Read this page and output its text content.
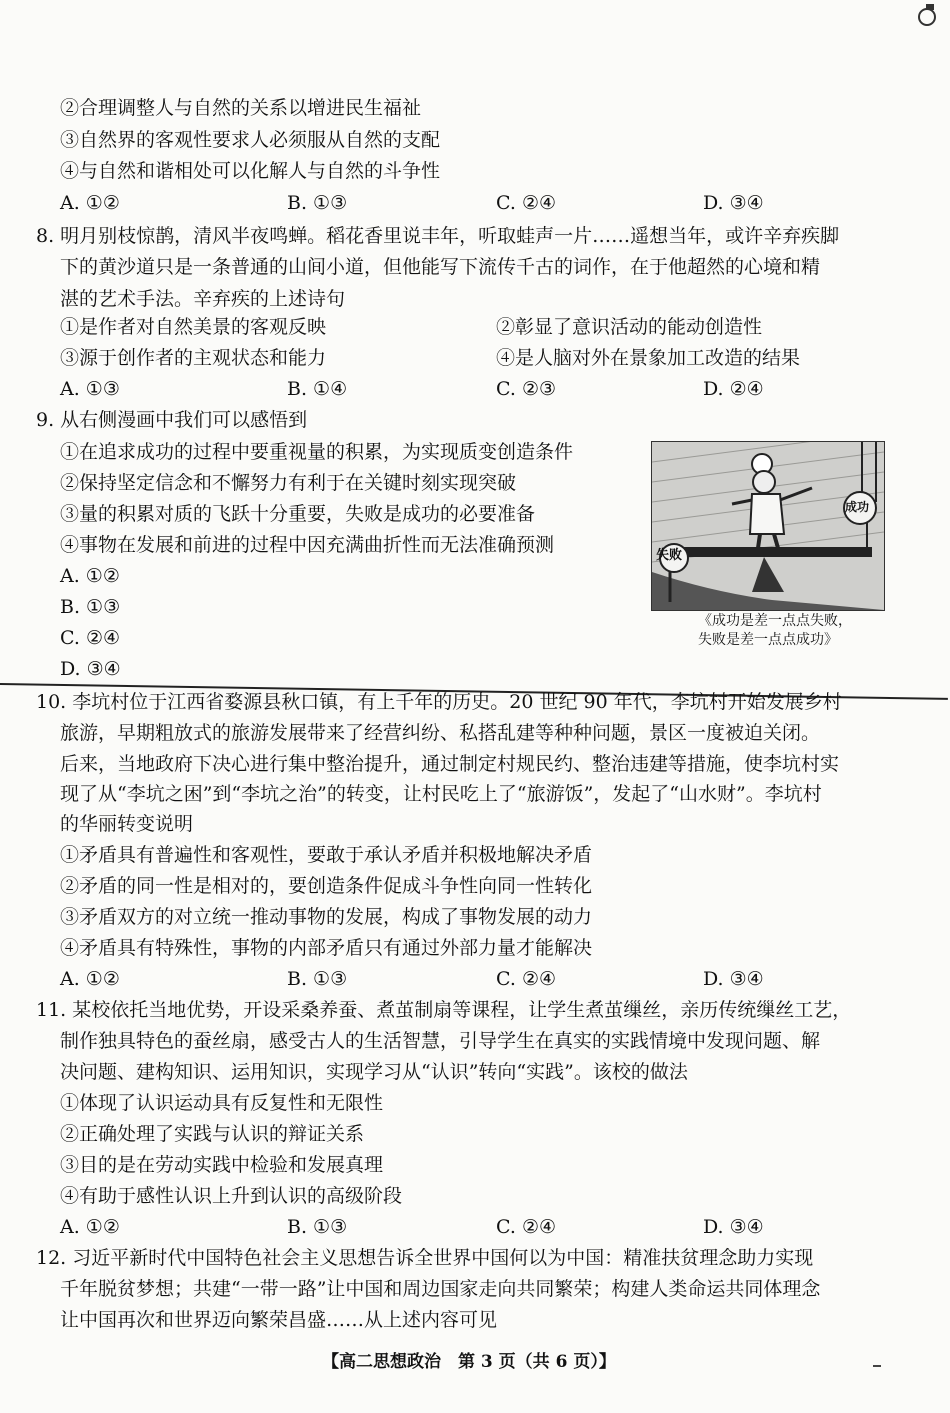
②合理调整人与自然的关系以增进民生福祉
③自然界的客观性要求人必须服从自然的支配
④与自然和谐相处可以化解人与自然的斗争性
A. ①②	B. ①③	C. ②④	D. ③④
8. 明月别枝惊鹊，清风半夜鸣蝉。稻花香里说丰年，听取蛙声一片……遥想当年，或许辛弃疾脚
下的黄沙道只是一条普通的山间小道，但他能写下流传千古的词作，在于他超然的心境和精
湛的艺术手法。辛弃疾的上述诗句
①是作者对自然美景的客观反映	②彰显了意识活动的能动创造性
③源于创作者的主观状态和能力	④是人脑对外在景象加工改造的结果
A. ①③	B. ①④	C. ②③	D. ②④
9. 从右侧漫画中我们可以感悟到
①在追求成功的过程中要重视量的积累，为实现质变创造条件
②保持坚定信念和不懈努力有利于在关键时刻实现突破
③量的积累对质的飞跃十分重要，失败是成功的必要准备
④事物在发展和前进的过程中因充满曲折性而无法准确预测
A. ①②
B. ①③
C. ②④
D. ③④
失败
成功
《成功是差一点点失败，
失败是差一点点成功》
10. 李坑村位于江西省婺源县秋口镇，有上千年的历史。20 世纪 90 年代，李坑村开始发展乡村
旅游，早期粗放式的旅游发展带来了经营纠纷、私搭乱建等种种问题，景区一度被迫关闭。
后来，当地政府下决心进行集中整治提升，通过制定村规民约、整治违建等措施，使李坑村实
现了从“李坑之困”到“李坑之治”的转变，让村民吃上了“旅游饭”，发起了“山水财”。李坑村
的华丽转变说明
①矛盾具有普遍性和客观性，要敢于承认矛盾并积极地解决矛盾
②矛盾的同一性是相对的，要创造条件促成斗争性向同一性转化
③矛盾双方的对立统一推动事物的发展，构成了事物发展的动力
④矛盾具有特殊性，事物的内部矛盾只有通过外部力量才能解决
A. ①②	B. ①③	C. ②④	D. ③④
11. 某校依托当地优势，开设采桑养蚕、煮茧制扇等课程，让学生煮茧缫丝，亲历传统缫丝工艺，
制作独具特色的蚕丝扇，感受古人的生活智慧，引导学生在真实的实践情境中发现问题、解
决问题、建构知识、运用知识，实现学习从“认识”转向“实践”。该校的做法
①体现了认识运动具有反复性和无限性
②正确处理了实践与认识的辩证关系
③目的是在劳动实践中检验和发展真理
④有助于感性认识上升到认识的高级阶段
A. ①②	B. ①③	C. ②④	D. ③④
12. 习近平新时代中国特色社会主义思想告诉全世界中国何以为中国：精准扶贫理念助力实现
千年脱贫梦想；共建“一带一路”让中国和周边国家走向共同繁荣；构建人类命运共同体理念
让中国再次和世界迈向繁荣昌盛……从上述内容可见
【高二思想政治　第 3 页（共 6 页）】
